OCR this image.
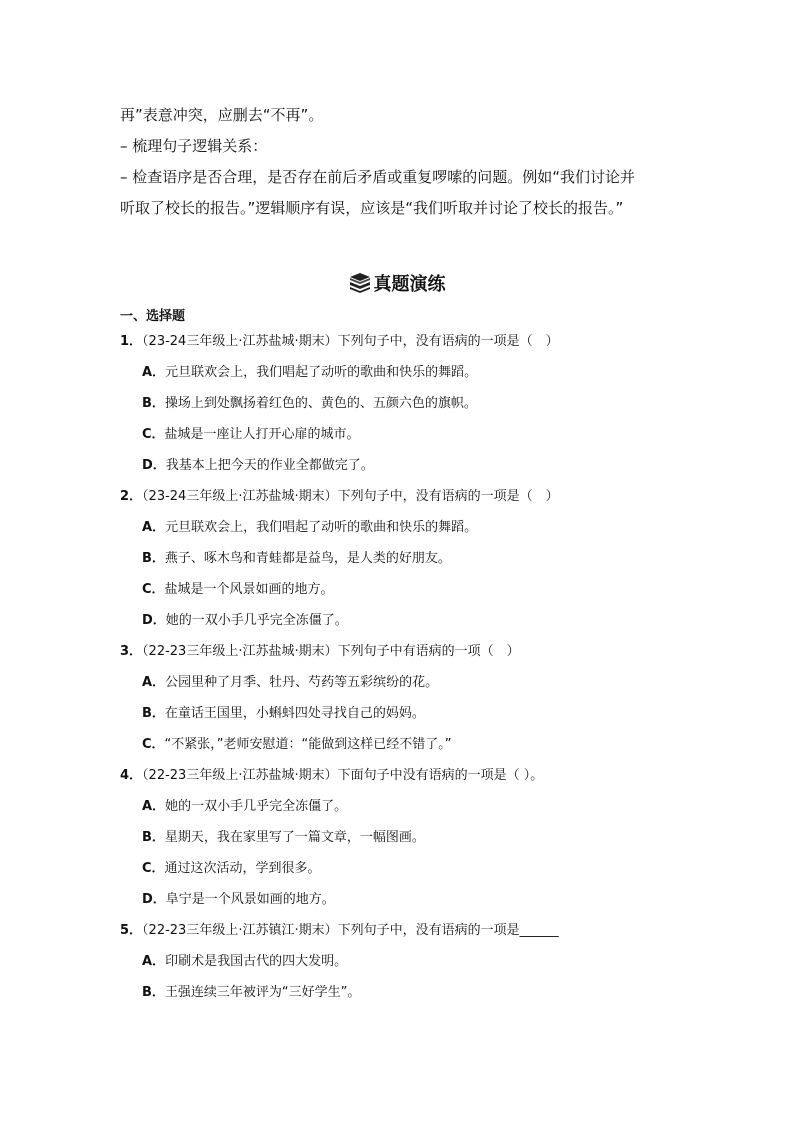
再”表意冲突，应删去“不再”。

– 梳理句子逻辑关系：

– 检查语序是否合理，是否存在前后矛盾或重复啰嗦的问题。例如“我们讨论并

听取了校长的报告。”逻辑顺序有误，应该是“我们听取并讨论了校长的报告。”

真题演练
一、选择题
1．（23-24三年级上·江苏盐城·期末）下列句子中，没有语病的一项是（　）
A．元旦联欢会上，我们唱起了动听的歌曲和快乐的舞蹈。
B．操场上到处飘扬着红色的、黄色的、五颜六色的旗帜。
C．盐城是一座让人打开心扉的城市。
D．我基本上把今天的作业全都做完了。
2．（23-24三年级上·江苏盐城·期末）下列句子中，没有语病的一项是（　）
A．元旦联欢会上，我们唱起了动听的歌曲和快乐的舞蹈。
B．燕子、啄木鸟和青蛙都是益鸟，是人类的好朋友。
C．盐城是一个风景如画的地方。
D．她的一双小手几乎完全冻僵了。
3．（22-23三年级上·江苏盐城·期末）下列句子中有语病的一项（　）
A．公园里种了月季、牡丹、芍药等五彩缤纷的花。
B．在童话王国里，小蝌蚪四处寻找自己的妈妈。
C．“不紧张，”老师安慰道：“能做到这样已经不错了。”
4．（22-23三年级上·江苏盐城·期末）下面句子中没有语病的一项是（ ）。
A．她的一双小手几乎完全冻僵了。
B．星期天，我在家里写了一篇文章，一幅图画。
C．通过这次活动，学到很多。
D．阜宁是一个风景如画的地方。
5．（22-23三年级上·江苏镇江·期末）下列句子中，没有语病的一项是______
A．印刷术是我国古代的四大发明。
B．王强连续三年被评为“三好学生”。
